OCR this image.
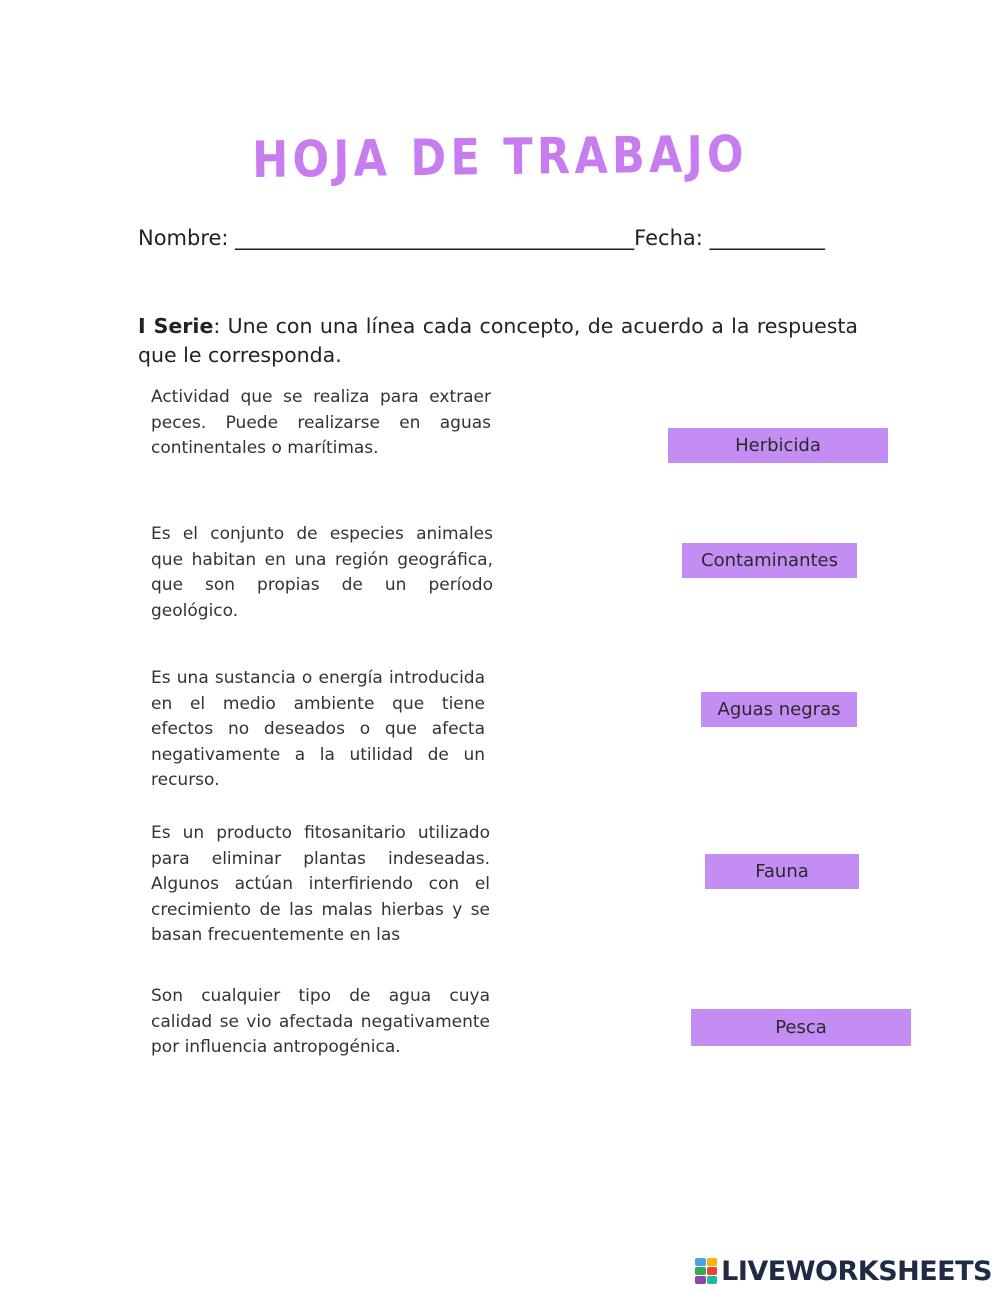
HOJA DE TRABAJO
Nombre: ______________________________________Fecha: ___________
I Serie: Une con una línea cada concepto, de acuerdo a la respuesta que le corresponda.
Actividad que se realiza para extraer peces. Puede realizarse en aguas continentales o marítimas.
Es el conjunto de especies animales que habitan en una región geográfica, que son propias de un período geológico.
Es una sustancia o energía introducida en el medio ambiente que tiene efectos no deseados o que afecta negativamente a la utilidad de un recurso.
Es un producto fitosanitario utilizado para eliminar plantas indeseadas. Algunos actúan interfiriendo con el crecimiento de las malas hierbas y se basan frecuentemente en las
Son cualquier tipo de agua cuya calidad se vio afectada negativamente por influencia antropogénica.
Herbicida
Contaminantes
Aguas negras
Fauna
Pesca
LIVEWORKSHEETS
